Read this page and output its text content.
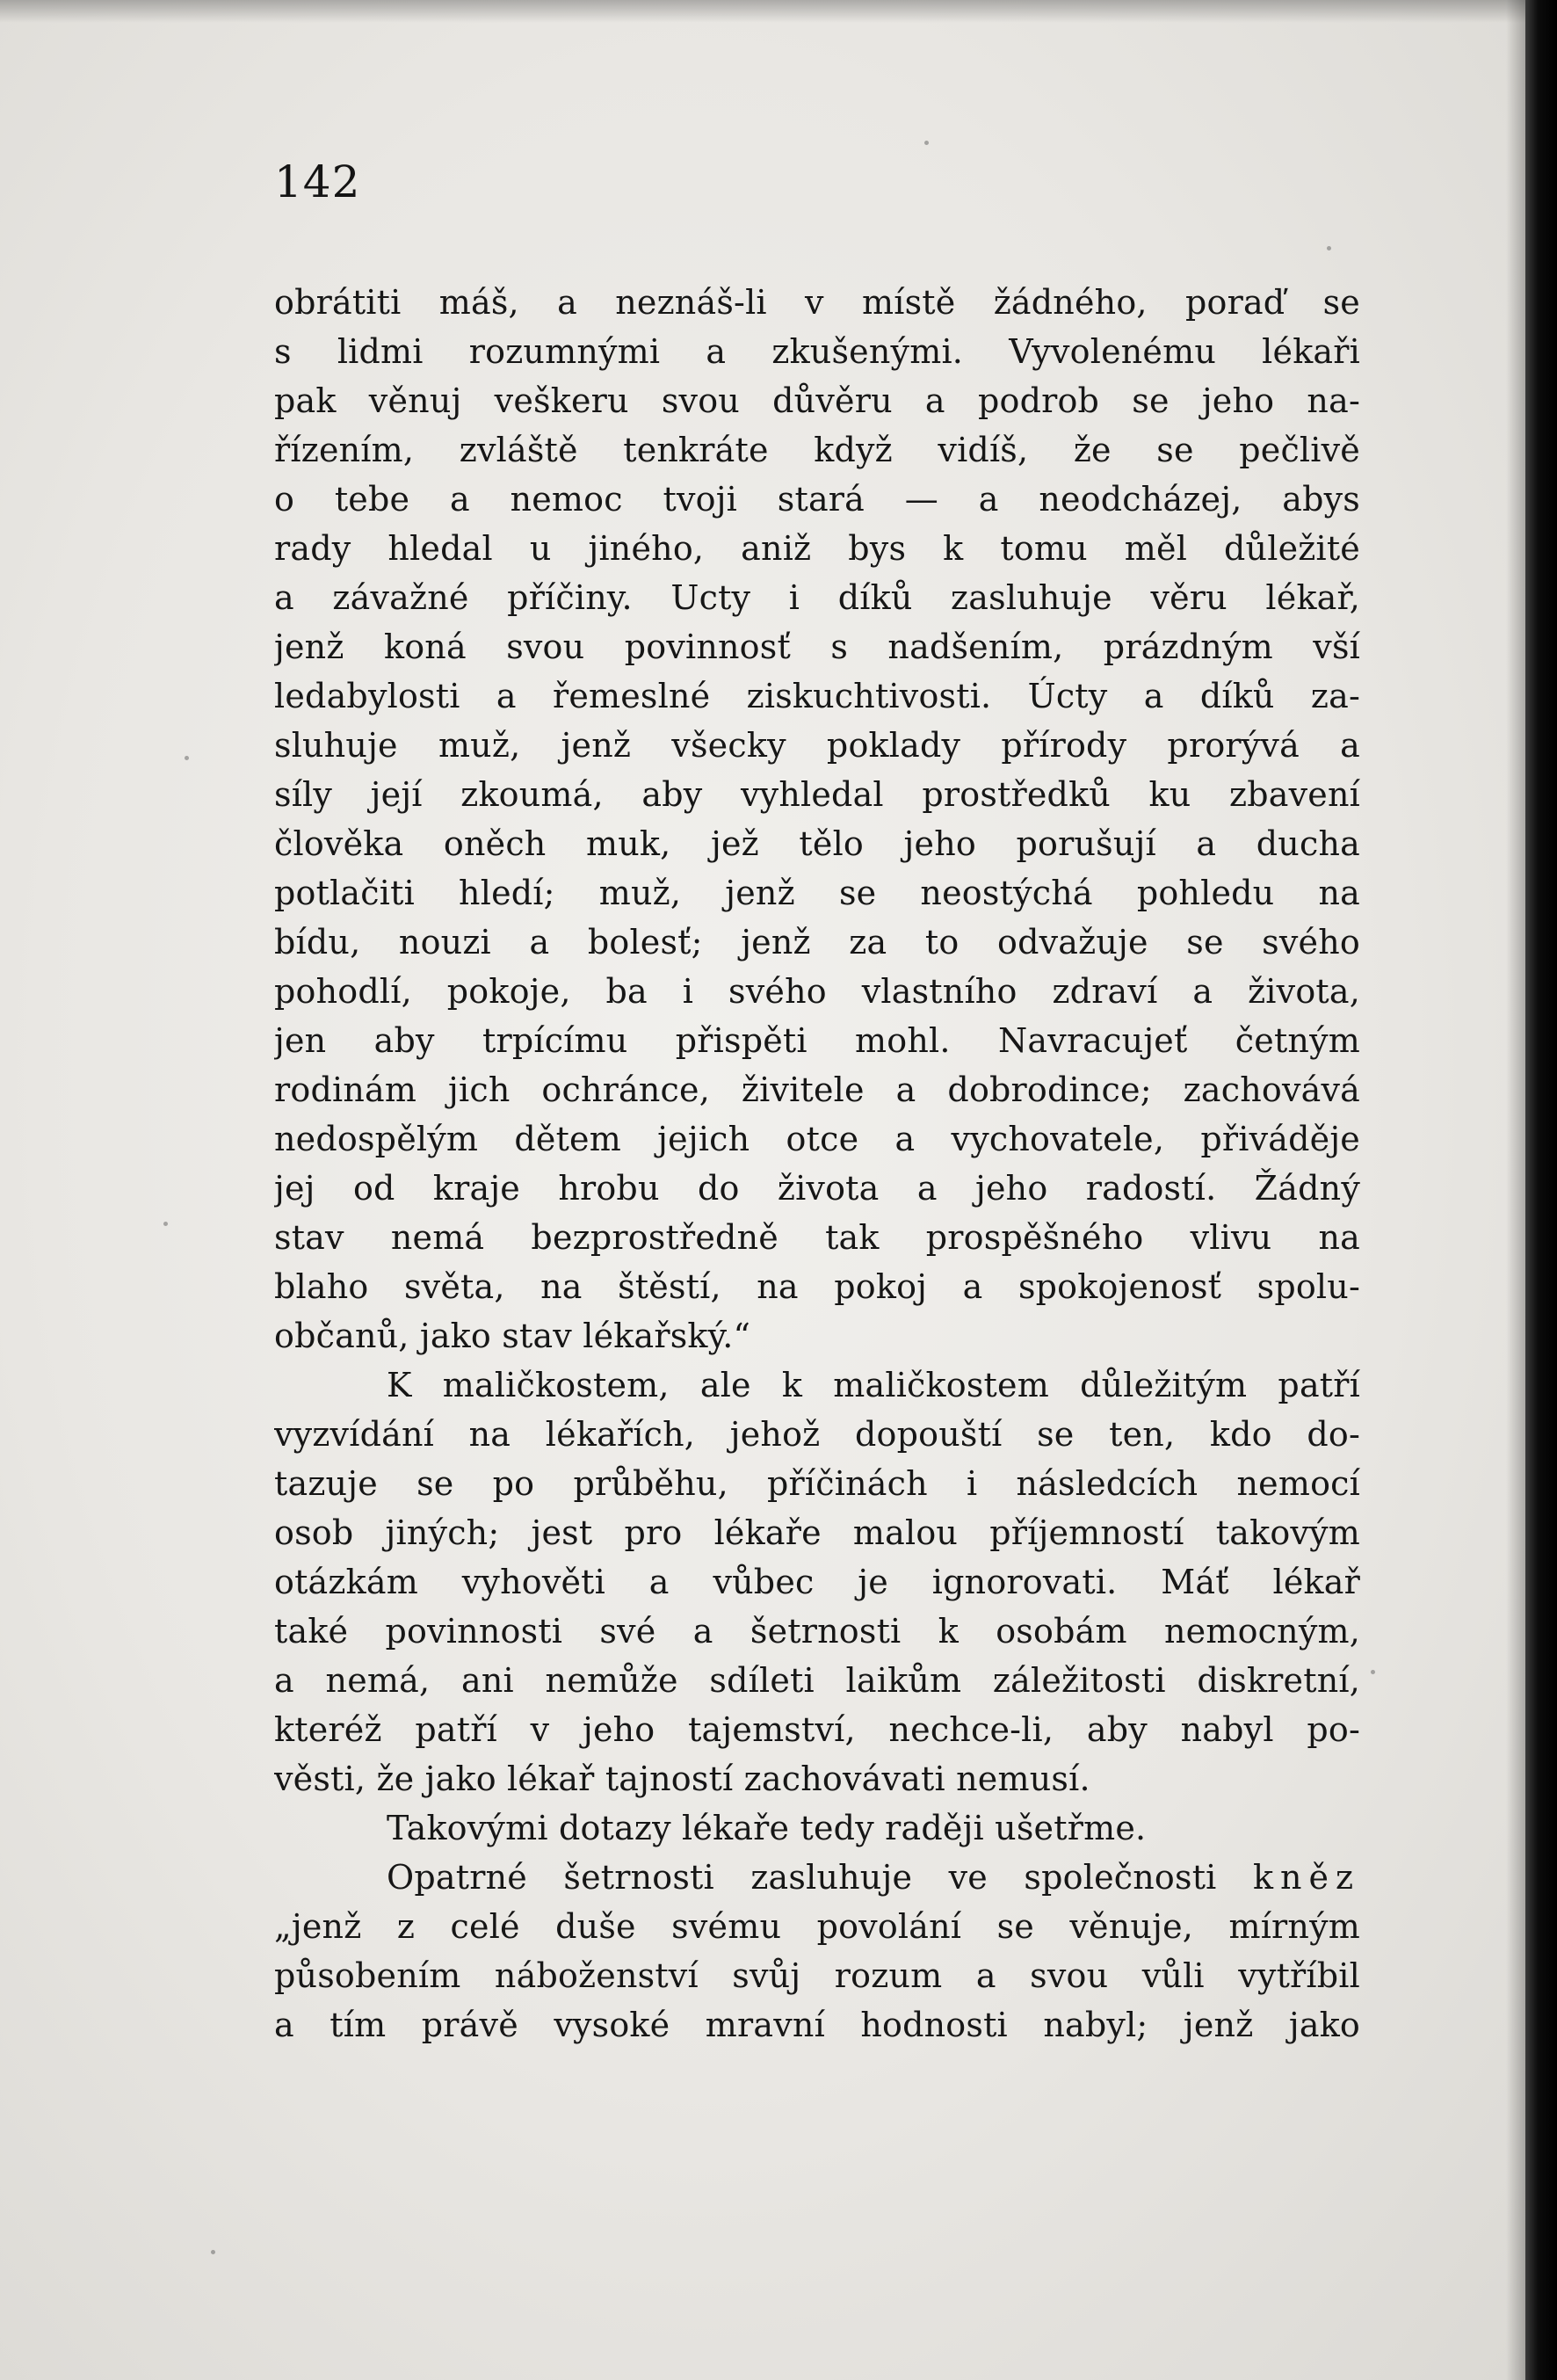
142
obrátiti máš, a neznáš-li v místě žádného, poraď se
s lidmi rozumnými a zkušenými. Vyvolenému lékaři
pak věnuj veškeru svou důvěru a podrob se jeho na-
řízením, zvláště tenkráte když vidíš, že se pečlivě
o tebe a nemoc tvoji stará — a neodcházej, abys
rady hledal u jiného, aniž bys k tomu měl důležité
a závažné příčiny. Ucty i díků zasluhuje věru lékař,
jenž koná svou povinnosť s nadšením, prázdným vší
ledabylosti a řemeslné ziskuchtivosti. Úcty a díků za-
sluhuje muž, jenž všecky poklady přírody prorývá a
síly její zkoumá, aby vyhledal prostředků ku zbavení
člověka oněch muk, jež tělo jeho porušují a ducha
potlačiti hledí; muž, jenž se neostýchá pohledu na
bídu, nouzi a bolesť; jenž za to odvažuje se svého
pohodlí, pokoje, ba i svého vlastního zdraví a života,
jen aby trpícímu přispěti mohl. Navracujeť četným
rodinám jich ochránce, živitele a dobrodince; zachovává
nedospělým dětem jejich otce a vychovatele, přiváděje
jej od kraje hrobu do života a jeho radostí. Žádný
stav nemá bezprostředně tak prospěšného vlivu na
blaho světa, na štěstí, na pokoj a spokojenosť spolu-
občanů, jako stav lékařský.“
K maličkostem, ale k maličkostem důležitým patří
vyzvídání na lékařích, jehož dopouští se ten, kdo do-
tazuje se po průběhu, příčinách i následcích nemocí
osob jiných; jest pro lékaře malou příjemností takovým
otázkám vyhověti a vůbec je ignorovati. Máť lékař
také povinnosti své a šetrnosti k osobám nemocným,
a nemá, ani nemůže sdíleti laikům záležitosti diskretní,
kteréž patří v jeho tajemství, nechce-li, aby nabyl po-
věsti, že jako lékař tajností zachovávati nemusí.
Takovými dotazy lékaře tedy raději ušetřme.
Opatrné šetrnosti zasluhuje ve společnosti kněz
„jenž z celé duše svému povolání se věnuje, mírným
působením náboženství svůj rozum a svou vůli vytříbil
a tím právě vysoké mravní hodnosti nabyl; jenž jako
